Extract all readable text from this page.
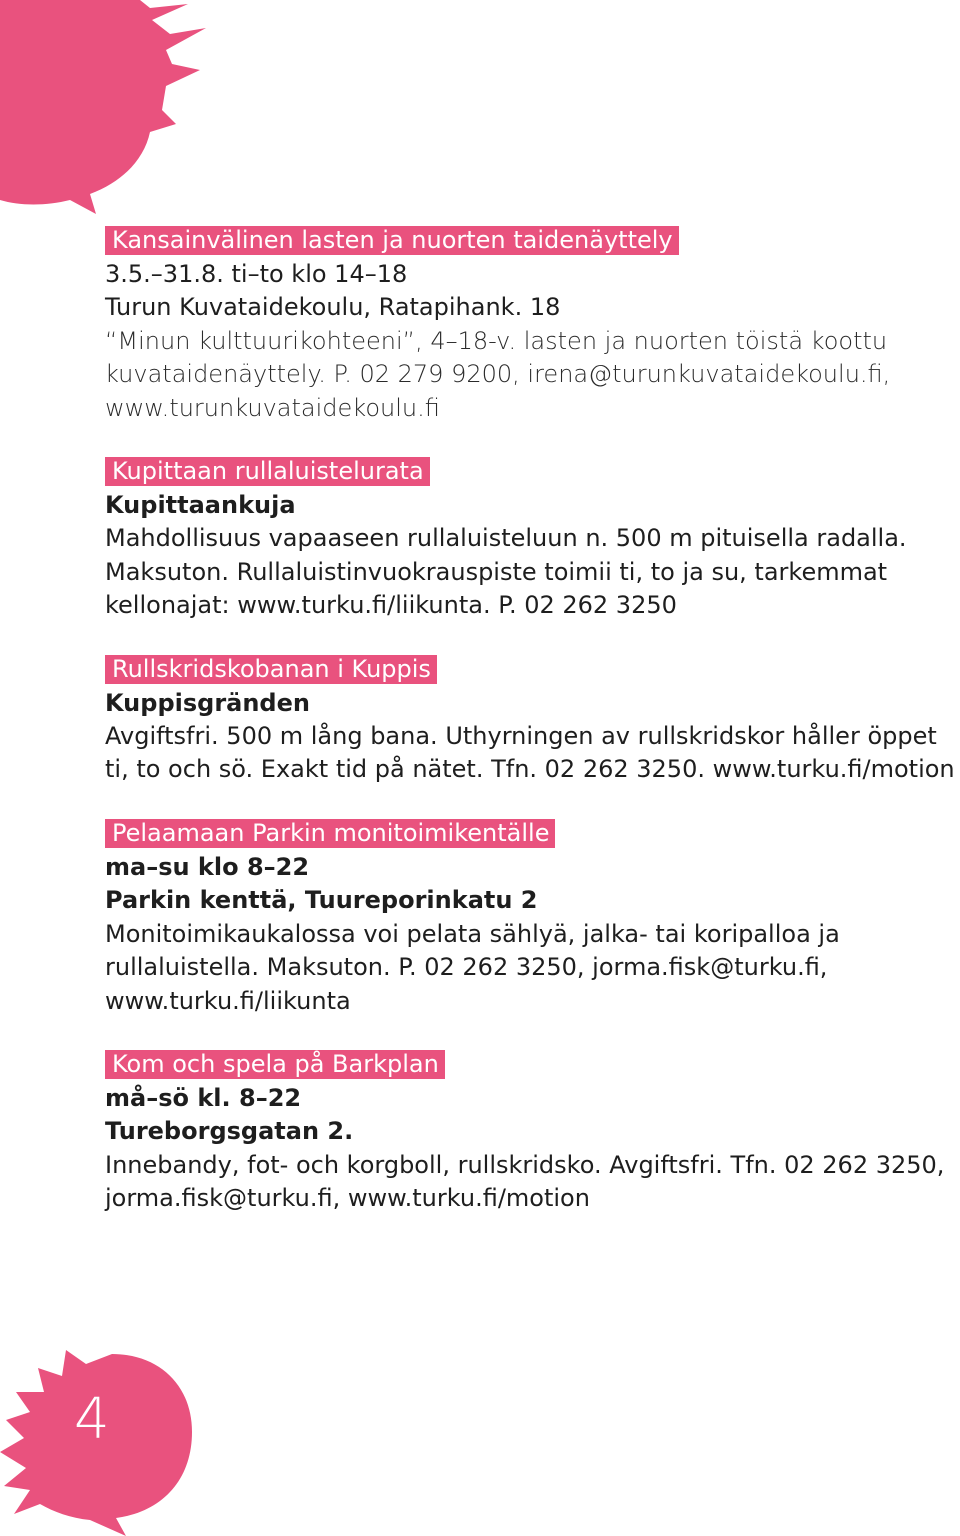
4
Kansainvälinen lasten ja nuorten taidenäyttely
3.5.–31.8. ti–to klo 14–18
Turun Kuvataidekoulu, Ratapihank. 18
“Minun kulttuurikohteeni”, 4–18-v. lasten ja nuorten töistä koottu
kuvataidenäyttely. P. 02 279 9200, irena@turunkuvataidekoulu.fi,
www.turunkuvataidekoulu.fi
Kupittaan rullaluistelurata
Kupittaankuja
Mahdollisuus vapaaseen rullaluisteluun n. 500 m pituisella radalla.
Maksuton. Rullaluistinvuokrauspiste toimii ti, to ja su, tarkemmat
kellonajat: www.turku.fi/liikunta. P. 02 262 3250
Rullskridskobanan i Kuppis
Kuppisgränden
Avgiftsfri. 500 m lång bana. Uthyrningen av rullskridskor håller öppet
ti, to och sö. Exakt tid på nätet. Tfn. 02 262 3250. www.turku.fi/motion
Pelaamaan Parkin monitoimikentälle
ma–su klo 8–22
Parkin kenttä, Tuureporinkatu 2
Monitoimikaukalossa voi pelata sählyä, jalka- tai koripalloa ja
rullaluistella. Maksuton. P. 02 262 3250, jorma.fisk@turku.fi,
www.turku.fi/liikunta
Kom och spela på Barkplan
må–sö kl. 8–22
Tureborgsgatan 2.
Innebandy, fot- och korgboll, rullskridsko. Avgiftsfri. Tfn. 02 262 3250,
jorma.fisk@turku.fi, www.turku.fi/motion
